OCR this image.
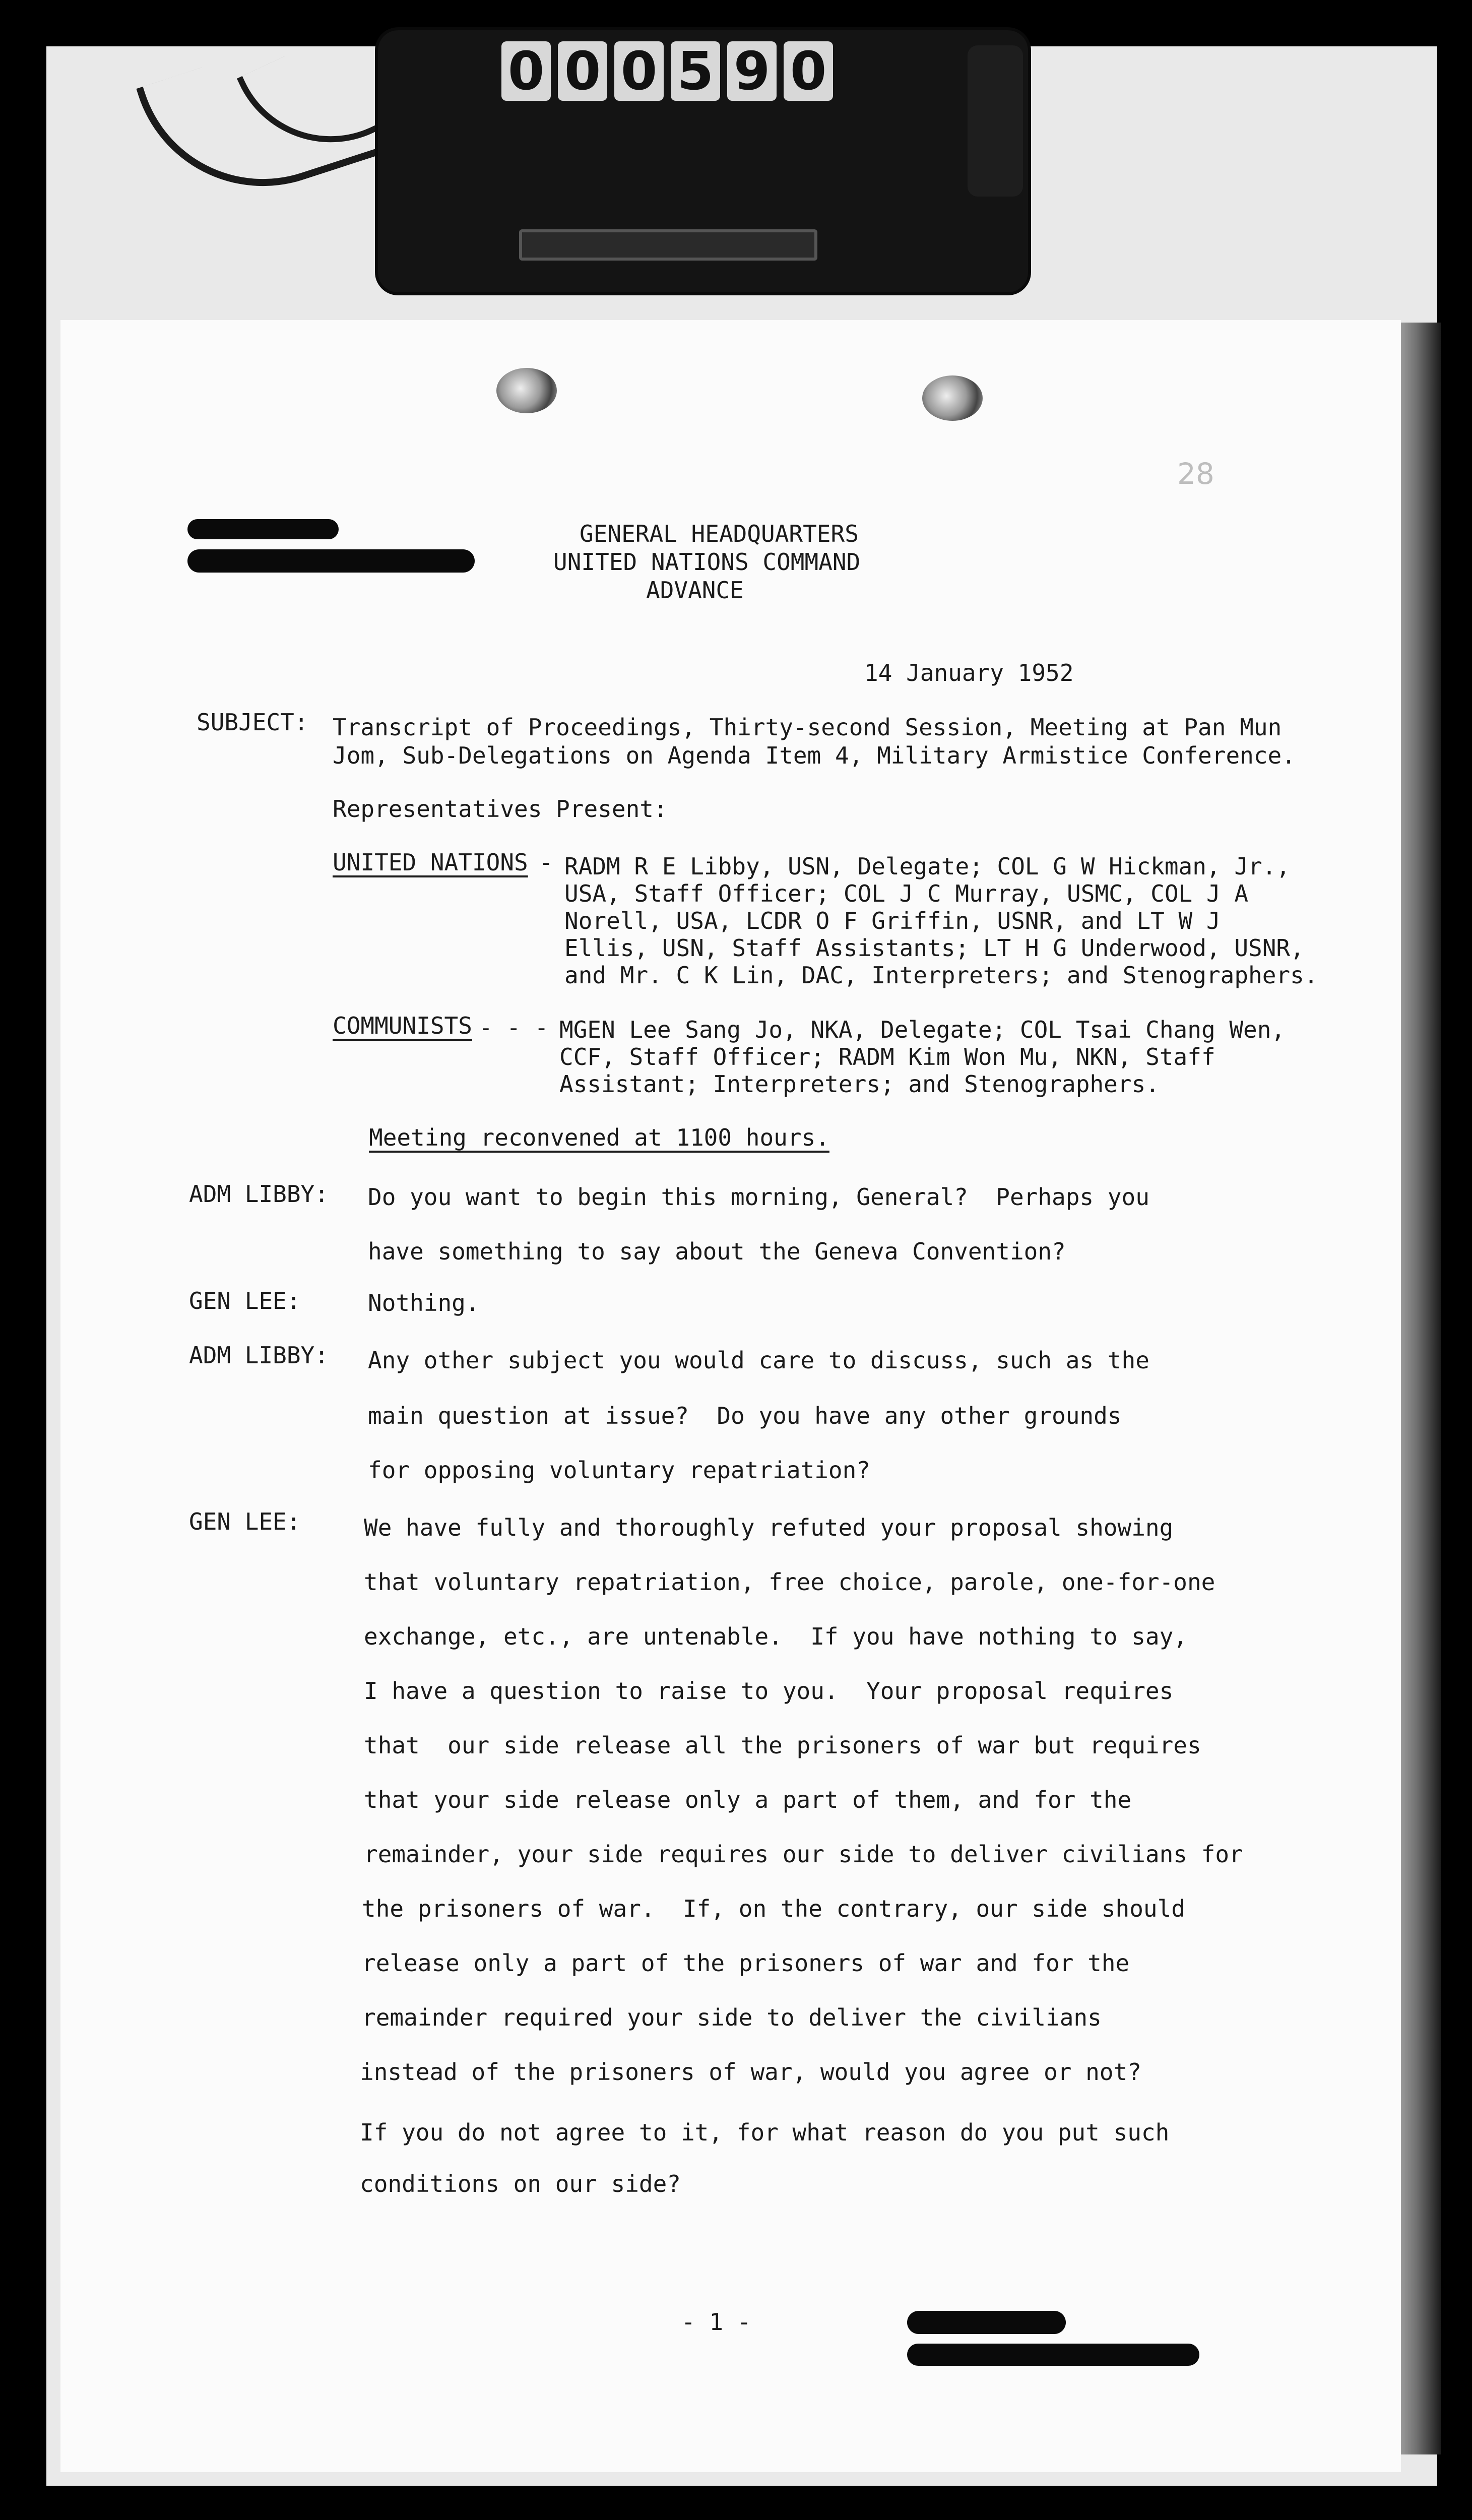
0 0 0 5 9 0
28
GENERAL HEADQUARTERS
UNITED NATIONS COMMAND
ADVANCE
14 January 1952
SUBJECT: Transcript of Proceedings, Thirty-second Session, Meeting at Pan Mun
Jom, Sub-Delegations on Agenda Item 4, Military Armistice Conference.
Representatives Present:
UNITED NATIONS - RADM R E Libby, USN, Delegate; COL G W Hickman, Jr.,
USA, Staff Officer; COL J C Murray, USMC, COL J A
Norell, USA, LCDR O F Griffin, USNR, and LT W J
Ellis, USN, Staff Assistants; LT H G Underwood, USNR,
and Mr. C K Lin, DAC, Interpreters; and Stenographers.
COMMUNISTS - - - MGEN Lee Sang Jo, NKA, Delegate; COL Tsai Chang Wen,
CCF, Staff Officer; RADM Kim Won Mu, NKN, Staff
Assistant; Interpreters; and Stenographers.
Meeting reconvened at 1100 hours.
ADM LIBBY: Do you want to begin this morning, General?  Perhaps you
have something to say about the Geneva Convention?
GEN LEE:	Nothing.
ADM LIBBY: Any other subject you would care to discuss, such as the
main question at issue?  Do you have any other grounds
for opposing voluntary repatriation?
GEN LEE:	We have fully and thoroughly refuted your proposal showing
that voluntary repatriation, free choice, parole, one-for-one
exchange, etc., are untenable.  If you have nothing to say,
I have a question to raise to you.  Your proposal requires
that  our side release all the prisoners of war but requires
that your side release only a part of them, and for the
remainder, your side requires our side to deliver civilians for
the prisoners of war.  If, on the contrary, our side should
release only a part of the prisoners of war and for the
remainder required your side to deliver the civilians
instead of the prisoners of war, would you agree or not?
If you do not agree to it, for what reason do you put such
conditions on our side?
- 1 -
